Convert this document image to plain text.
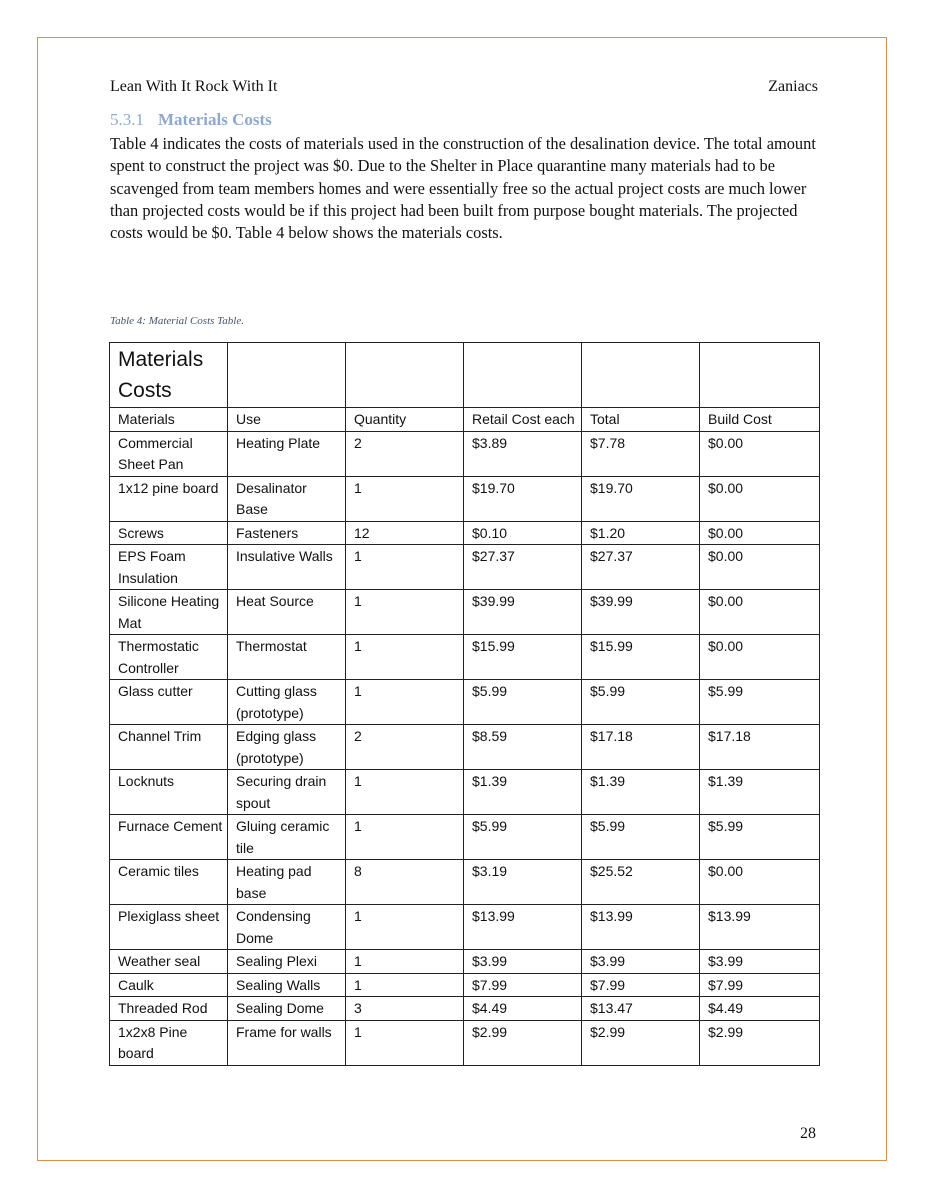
Lean With It Rock With It	Zaniacs
5.3.1 Materials Costs
Table 4 indicates the costs of materials used in the construction of the desalination device. The total amount spent to construct the project was $0. Due to the Shelter in Place quarantine many materials had to be scavenged from team members homes and were essentially free so the actual project costs are much lower than projected costs would be if this project had been built from purpose bought materials. The projected costs would be $0. Table 4 below shows the materials costs.
Table 4: Material Costs Table.
Materials Costs					
Materials	Use	Quantity	Retail Cost each	Total	Build Cost
Commercial Sheet Pan	Heating Plate	2	$3.89	$7.78	$0.00
1x12 pine board	Desalinator Base	1	$19.70	$19.70	$0.00
Screws	Fasteners	12	$0.10	$1.20	$0.00
EPS Foam Insulation	Insulative Walls	1	$27.37	$27.37	$0.00
Silicone Heating Mat	Heat Source	1	$39.99	$39.99	$0.00
Thermostatic Controller	Thermostat	1	$15.99	$15.99	$0.00
Glass cutter	Cutting glass (prototype)	1	$5.99	$5.99	$5.99
Channel Trim	Edging glass (prototype)	2	$8.59	$17.18	$17.18
Locknuts	Securing drain spout	1	$1.39	$1.39	$1.39
Furnace Cement	Gluing ceramic tile	1	$5.99	$5.99	$5.99
Ceramic tiles	Heating pad base	8	$3.19	$25.52	$0.00
Plexiglass sheet	Condensing Dome	1	$13.99	$13.99	$13.99
Weather seal	Sealing Plexi	1	$3.99	$3.99	$3.99
Caulk	Sealing Walls	1	$7.99	$7.99	$7.99
Threaded Rod	Sealing Dome	3	$4.49	$13.47	$4.49
1x2x8 Pine board	Frame for walls	1	$2.99	$2.99	$2.99
28
